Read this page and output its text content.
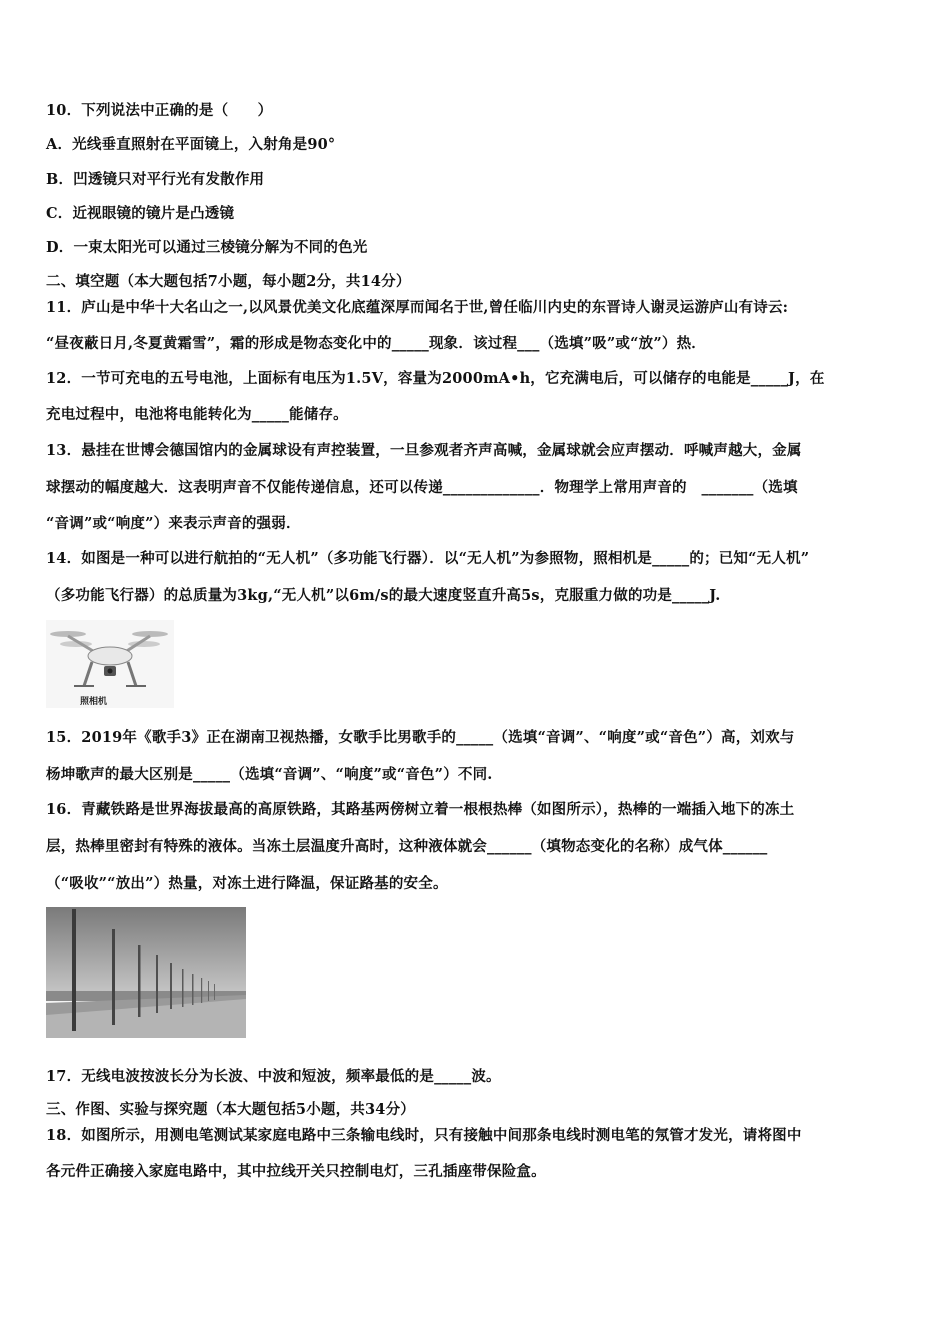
10．下列说法中正确的是（　　）
A．光线垂直照射在平面镜上，入射角是90°
B．凹透镜只对平行光有发散作用
C．近视眼镜的镜片是凸透镜
D．一束太阳光可以通过三棱镜分解为不同的色光
二、填空题（本大题包括7小题，每小题2分，共14分）
11．庐山是中华十大名山之一,以风景优美文化底蕴深厚而闻名于世,曾任临川内史的东晋诗人谢灵运游庐山有诗云:
“昼夜蔽日月,冬夏黄霜雪”，霜的形成是物态变化中的_____现象．该过程___（选填”吸”或“放”）热．
12．一节可充电的五号电池，上面标有电压为1.5V，容量为2000mA•h，它充满电后，可以储存的电能是_____J，在
充电过程中，电池将电能转化为_____能储存。
13．悬挂在世博会德国馆内的金属球设有声控装置，一旦参观者齐声高喊，金属球就会应声摆动．呼喊声越大，金属
球摆动的幅度越大．这表明声音不仅能传递信息，还可以传递_____________．物理学上常用声音的　_______（选填
“音调”或“响度”）来表示声音的强弱．
14．如图是一种可以进行航拍的“无人机”（多功能飞行器）．以“无人机”为参照物，照相机是_____的；已知“无人机”
（多功能飞行器）的总质量为3kg,“无人机”以6m/s的最大速度竖直升高5s，克服重力做的功是_____J.
照相机
15．2019年《歌手3》正在湖南卫视热播，女歌手比男歌手的_____（选填“音调”、“响度”或“音色”）高，刘欢与
杨坤歌声的最大区别是_____（选填“音调”、“响度”或“音色”）不同.
16．青藏铁路是世界海拔最高的高原铁路，其路基两傍树立着一根根热棒（如图所示），热棒的一端插入地下的冻土
层，热棒里密封有特殊的液体。当冻土层温度升高时，这种液体就会______（填物态变化的名称）成气体______
（“吸收”“放出”）热量，对冻土进行降温，保证路基的安全。
17．无线电波按波长分为长波、中波和短波，频率最低的是_____波。
三、作图、实验与探究题（本大题包括5小题，共34分）
18．如图所示，用测电笔测试某家庭电路中三条输电线时，只有接触中间那条电线时测电笔的氖管才发光，请将图中
各元件正确接入家庭电路中，其中拉线开关只控制电灯，三孔插座带保险盒。
